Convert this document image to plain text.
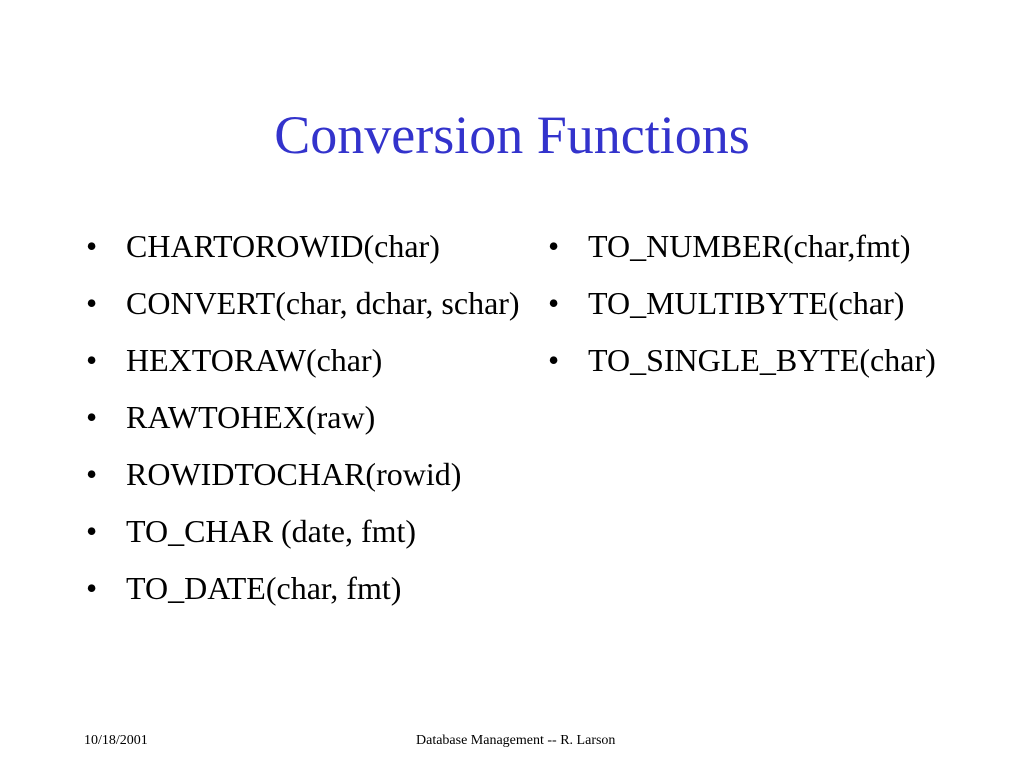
Conversion Functions
• CHARTOROWID(char)
• CONVERT(char, dchar, schar)
• HEXTORAW(char)
• RAWTOHEX(raw)
• ROWIDTOCHAR(rowid)
• TO_CHAR (date, fmt)
• TO_DATE(char, fmt)
• TO_NUMBER(char,fmt)
• TO_MULTIBYTE(char)
• TO_SINGLE_BYTE(char)
10/18/2001	Database Management -- R. Larson
